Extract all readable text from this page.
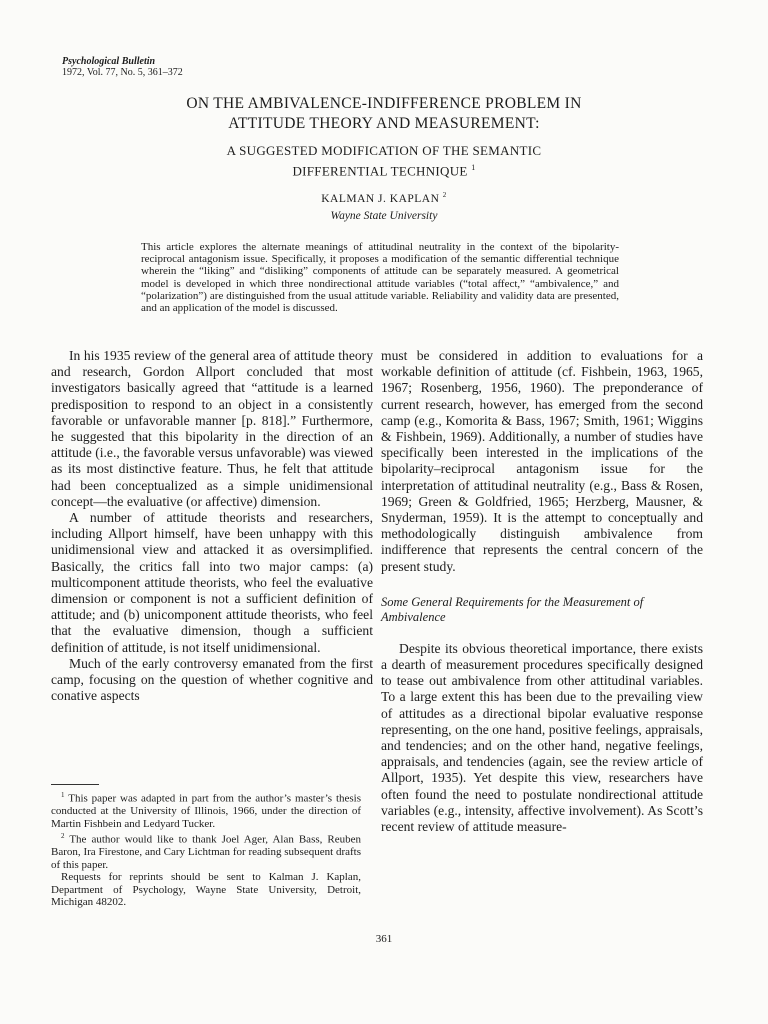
Psychological Bulletin
1972, Vol. 77, No. 5, 361–372
ON THE AMBIVALENCE-INDIFFERENCE PROBLEM IN
ATTITUDE THEORY AND MEASUREMENT:
A SUGGESTED MODIFICATION OF THE SEMANTIC
DIFFERENTIAL TECHNIQUE $^1$
KALMAN J. KAPLAN $^2$
Wayne State University

This article explores the alternate meanings of attitudinal neutrality in the context of the bipolarity-reciprocal antagonism issue. Specifically, it proposes a modification of the semantic differential technique wherein the “liking” and “disliking” components of attitude can be separately measured. A geometrical model is developed in which three nondirectional attitude variables (“total affect,” “ambivalence,” and “polarization”) are distinguished from the usual attitude variable. Reliability and validity data are presented, and an application of the model is discussed.

In his 1935 review of the general area of attitude theory and research, Gordon Allport concluded that most investigators basically agreed that “attitude is a learned predisposition to respond to an object in a consistently favorable or unfavorable manner [p. 818].” Furthermore, he suggested that this bipolarity in the direction of an attitude (i.e., the favorable versus unfavorable) was viewed as its most distinctive feature. Thus, he felt that attitude had been conceptualized as a simple unidimensional concept—the evaluative (or affective) dimension.

A number of attitude theorists and researchers, including Allport himself, have been unhappy with this unidimensional view and attacked it as oversimplified. Basically, the critics fall into two major camps: (a) multicomponent attitude theorists, who feel the evaluative dimension or component is not a sufficient definition of attitude; and (b) unicomponent attitude theorists, who feel that the evaluative dimension, though a sufficient definition of attitude, is not itself unidimensional.

Much of the early controversy emanated from the first camp, focusing on the question of whether cognitive and conative aspects

$^1$ This paper was adapted in part from the author’s master’s thesis conducted at the University of Illinois, 1966, under the direction of Martin Fishbein and Ledyard Tucker.

$^2$ The author would like to thank Joel Ager, Alan Bass, Reuben Baron, Ira Firestone, and Cary Lichtman for reading subsequent drafts of this paper.

Requests for reprints should be sent to Kalman J. Kaplan, Department of Psychology, Wayne State University, Detroit, Michigan 48202.

must be considered in addition to evaluations for a workable definition of attitude (cf. Fishbein, 1963, 1965, 1967; Rosenberg, 1956, 1960). The preponderance of current research, however, has emerged from the second camp (e.g., Komorita & Bass, 1967; Smith, 1961; Wiggins & Fishbein, 1969). Additionally, a number of studies have specifically been interested in the implications of the bipolarity–reciprocal antagonism issue for the interpretation of attitudinal neutrality (e.g., Bass & Rosen, 1969; Green & Goldfried, 1965; Herzberg, Mausner, & Snyderman, 1959). It is the attempt to conceptually and methodologically distinguish ambivalence from indifference that represents the central concern of the present study.

Some General Requirements for the Measurement of Ambivalence

Despite its obvious theoretical importance, there exists a dearth of measurement procedures specifically designed to tease out ambivalence from other attitudinal variables. To a large extent this has been due to the prevailing view of attitudes as a directional bipolar evaluative response representing, on the one hand, positive feelings, appraisals, and tendencies; and on the other hand, negative feelings, appraisals, and tendencies (again, see the review article of Allport, 1935). Yet despite this view, researchers have often found the need to postulate nondirectional attitude variables (e.g., intensity, affective involvement). As Scott’s recent review of attitude measure-

361
